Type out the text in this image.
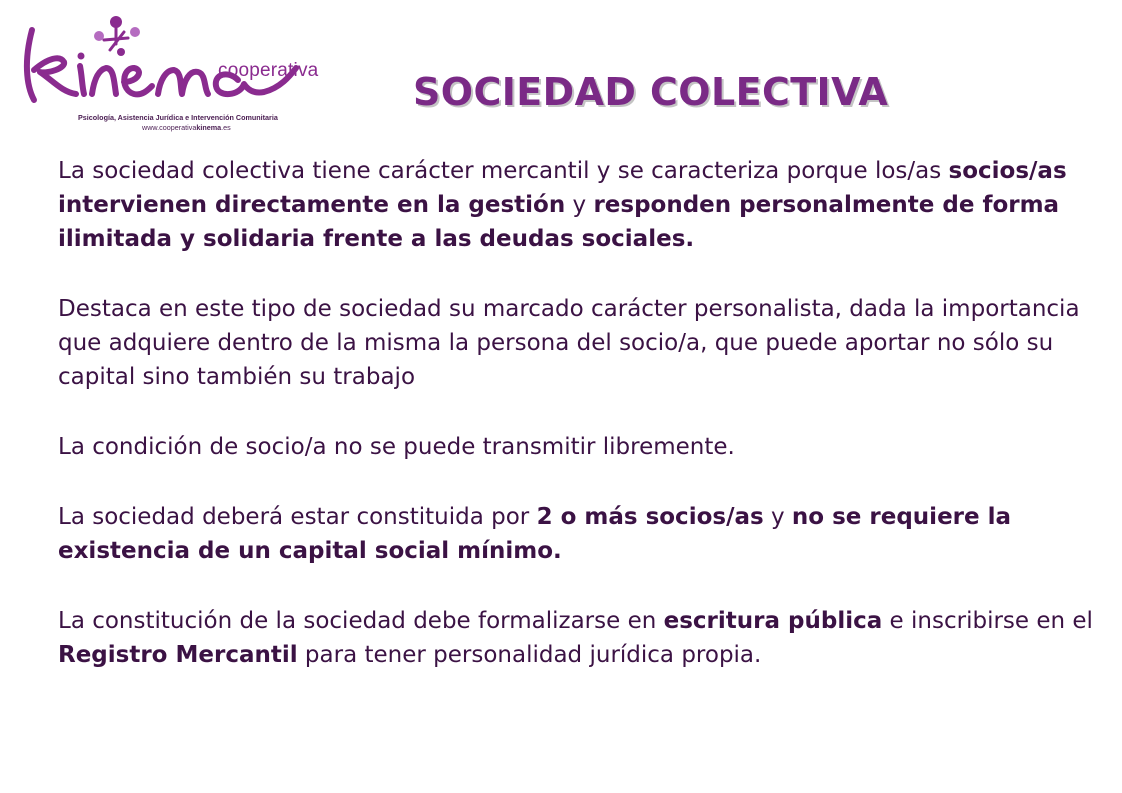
cooperativa
Psicología, Asistencia Jurídica e Intervención Comunitaria
www.cooperativakinema.es
SOCIEDAD COLECTIVA

La sociedad colectiva tiene carácter mercantil y se caracteriza porque los/as socios/as intervienen directamente en la gestión y responden personalmente de forma ilimitada y solidaria frente a las deudas sociales.

Destaca en este tipo de sociedad su marcado carácter personalista, dada la importancia que adquiere dentro de la misma la persona del socio/a, que puede aportar no sólo su capital sino también su trabajo

La condición de socio/a no se puede transmitir libremente.

La sociedad deberá estar constituida por 2 o más socios/as y no se requiere la existencia de un capital social mínimo.

La constitución de la sociedad debe formalizarse en escritura pública e inscribirse en el Registro Mercantil para tener personalidad jurídica propia.
